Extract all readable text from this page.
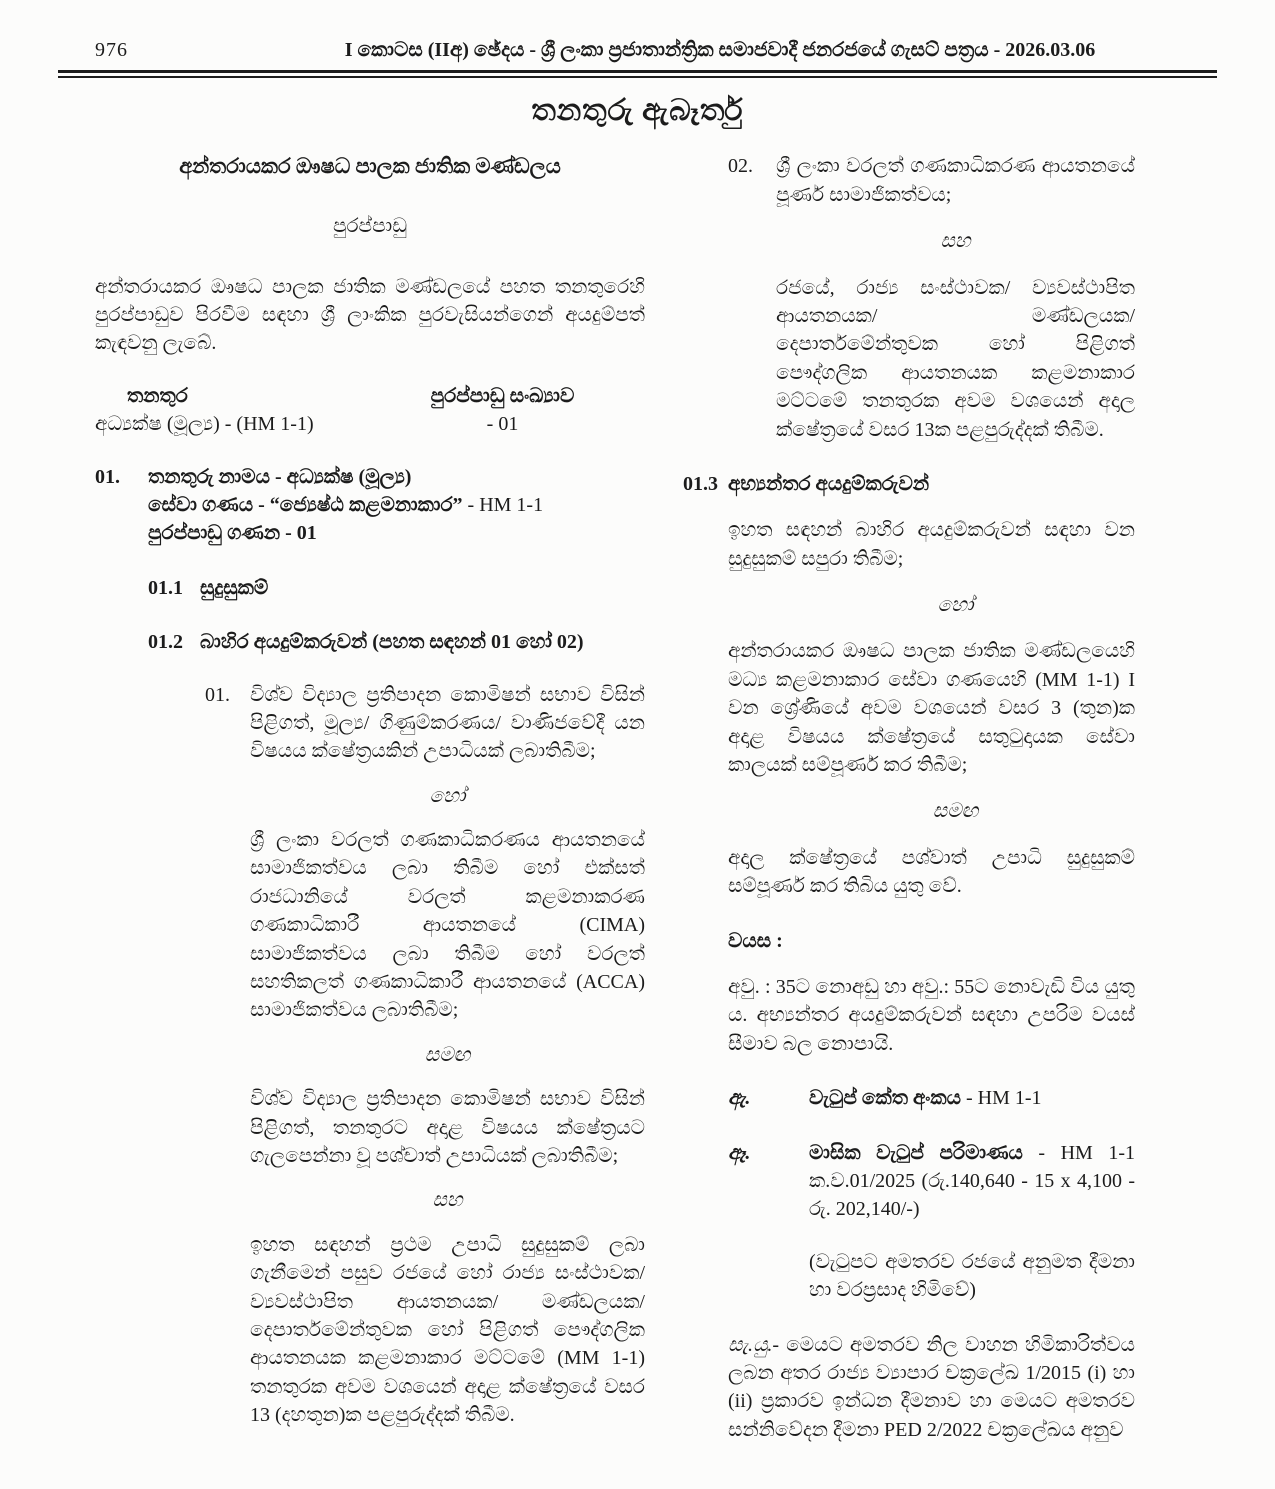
976	I කොටස (IIඅ) ඡේදය - ශ්‍රී ලංකා ප්‍රජාතාන්ත්‍රික සමාජවාදී ජනරජයේ ගැසට් පත්‍රය - 2026.03.06
තනතුරු ඇබෑර්තු
අන්තරායකර ඖෂධ පාලක ජාතික මණ්ඩලය
පුරප්පාඩු

අන්තරායකර ඖෂධ පාලක ජාතික මණ්ඩලයේ පහත තනතුරෙහි පුරප්පාඩුව පිරවීම සඳහා ශ්‍රී ලාංකික පුරවැසියන්ගෙන් අයදුම්පත් කැඳවනු ලැබේ.

තනතුර	පුරප්පාඩු සංඛ්‍යාව
අධ්‍යක්ෂ (මූල්‍ය) - (HM 1-1)	- 01
01.	තනතුරු නාමය - අධ්‍යක්ෂ (මූල්‍ය)
සේවා ගණය - “ජ්‍යෙෂ්ඨ කළමනාකාර” - HM 1-1
පුරප්පාඩු ගණන - 01
01.1 සුදුසුකම්
01.2 බාහිර අයදුම්කරුවන් (පහත සඳහන් 01 හෝ 02)
01.	විශ්ව විද්‍යාල ප්‍රතිපාදන කොමිෂන් සභාව විසින් පිළිගත්, මූල්‍ය/ ගිණුම්කරණය/ වාණිජවේදී යන විෂයය ක්ෂේත්‍රයකින් උපාධියක් ලබාතිබීම;

හෝ

ශ්‍රී ලංකා වරලත් ගණකාධිකරණය ආයතනයේ සාමාජිකත්වය ලබා තිබීම හෝ එක්සත් රාජධානියේ වරලත් කළමනාකරණ ගණකාධිකාරී ආයතනයේ (CIMA) සාමාජිකත්වය ලබා තිබීම හෝ වරලත් සහතිකලත් ගණකාධිකාරී ආයතනයේ (ACCA) සාමාජිකත්වය ලබාතිබීම;

සමඟ

විශ්ව විද්‍යාල ප්‍රතිපාදන කොමිෂන් සභාව විසින් පිළිගත්, තනතුරට අදාළ විෂයය ක්ෂේත්‍රයට ගැලපෙන්නා වූ පශ්චාත් උපාධියක් ලබාතිබීම;

සහ

ඉහත සඳහන් ප්‍රථම උපාධි සුදුසුකම් ලබා ගැනීමෙන් පසුව රජයේ හෝ රාජ්‍ය සංස්ථාවක/ ව්‍යවස්ථාපිත ආයතනයක/ මණ්ඩලයක/ දෙපාර්තමේන්තුවක හෝ පිළිගත් පෞද්ගලික ආයතනයක කළමනාකාර මට්ටමේ (MM 1-1) තනතුරක අවම වශයෙන් අදාළ ක්ෂේත්‍රයේ වසර 13 (දහතුන)ක පළපුරුද්දක් තිබීම.

02.	ශ්‍රී ලංකා වරලත් ගණකාධිකරණ ආයතනයේ පූර්ණ සාමාජිකත්වය;

සහ

රජයේ, රාජ්‍ය සංස්ථාවක/ ව්‍යවස්ථාපිත ආයතනයක/ මණ්ඩලයක/දෙපාර්තමේන්තුවක හෝ පිළිගත් පෞද්ගලික ආයතනයක කළමනාකාර මට්ටමේ තනතුරක අවම වශයෙන් අදාල ක්ෂේත්‍රයේ වසර 13ක පළපුරුද්දක් තිබීම.

01.3 අභ්‍යන්තර අයදුම්කරුවන්

ඉහත සඳහන් බාහිර අයදුම්කරුවන් සඳහා වන සුදුසුකම් සපුරා තිබීම;

හෝ

අන්තරායකර ඖෂධ පාලක ජාතික මණ්ඩලයෙහි මධ්‍ය කළමනාකාර සේවා ගණයෙහි (MM 1-1) I වන ශ්‍රේණියේ අවම වශයෙන් වසර 3 (තුන)ක අදාළ විෂයය ක්ෂේත්‍රයේ සතුටුදායක සේවා කාලයක් සම්පූර්ණ කර තිබීම;

සමඟ

අදාල ක්ෂේත්‍රයේ පශ්වාත් උපාධි සුදුසුකම් සම්පූර්ණ කර තිබිය යුතු වේ.

වයස :

අවු. : 35ට නොඅඩු හා අවු.: 55ට නොවැඩි විය යුතු ය. අභ්‍යන්තර අයදුම්කරුවන් සඳහා උපරිම වයස් සීමාව බල නොපායි.

ඇ.	වැටුප් කේත අංකය - HM 1-1

ඈ.	මාසික වැටුප් පරිමාණය - HM 1-1 ක.ව.01/2025 (රු.140,640 - 15 x 4,100 - රු. 202,140/-)

(වැටුපට අමතරව රජයේ අනුමත දීමනා හා වරප්‍රසාද හිමිවේ)

සැ.යු.- මෙයට අමතරව නිල වාහන හිමිකාරිත්වය ලබන අතර රාජ්‍ය ව්‍යාපාර චක්‍රලේඛ 1/2015 (i) හා (ii) ප්‍රකාරව ඉන්ධන දීමනාව හා මෙයට අමතරව සන්නිවේදන දීමනා PED 2/2022 චක්‍රලේඛය අනුව
